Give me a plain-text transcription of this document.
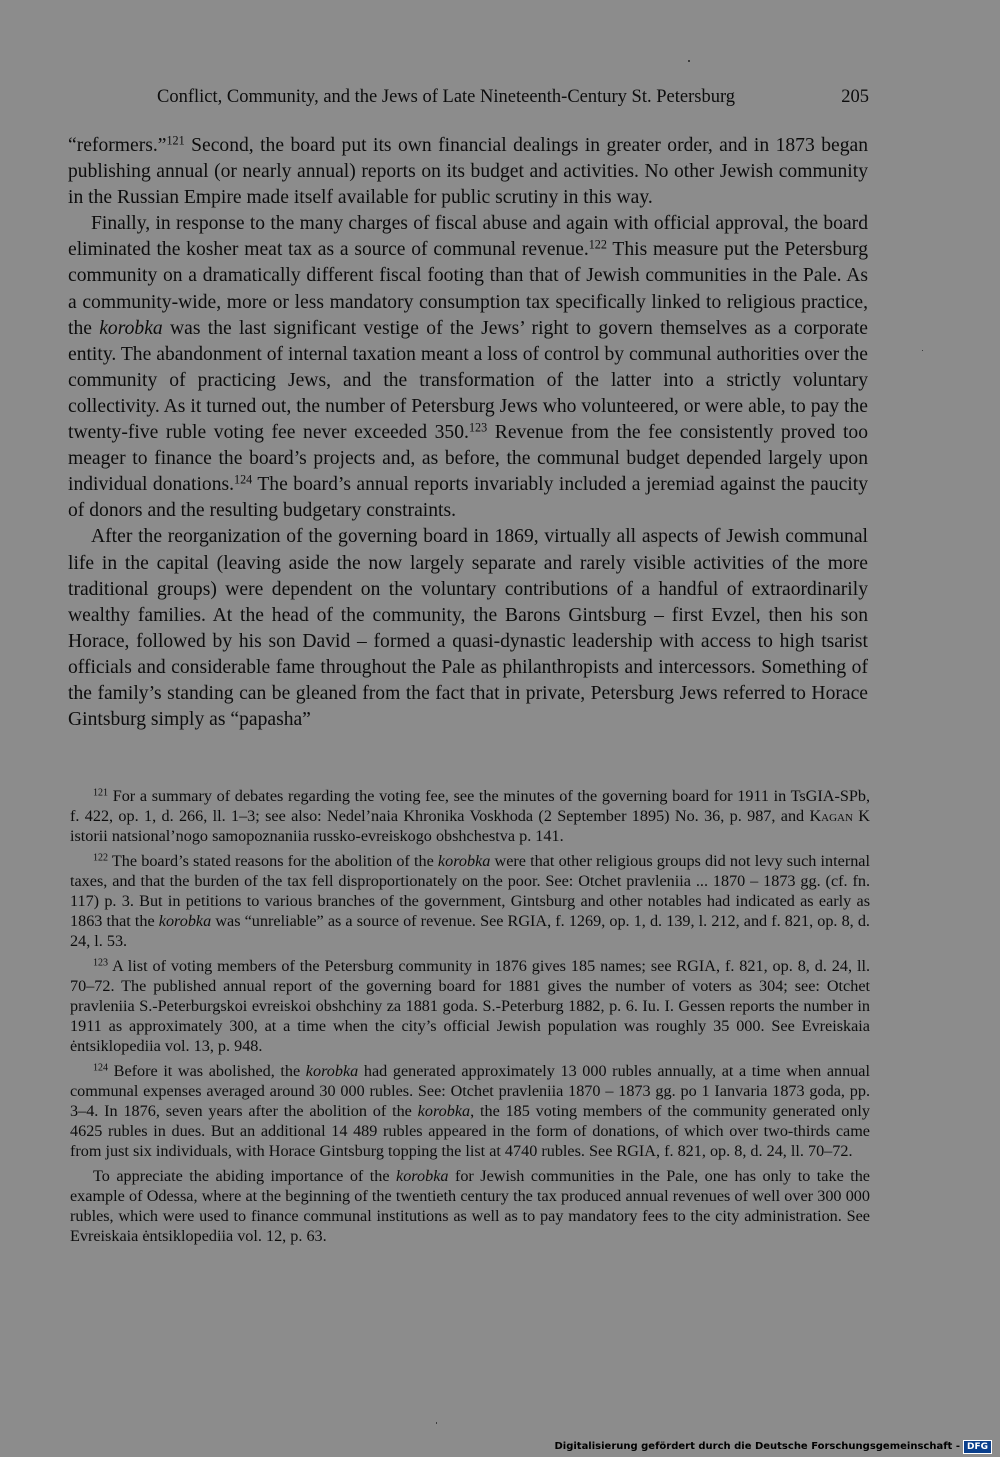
Conflict, Community, and the Jews of Late Nineteenth-Century St. Petersburg	205

“reformers.”$^{121}$ Second, the board put its own financial dealings in greater order, and in 1873 began publishing annual (or nearly annual) reports on its budget and activities. No other Jewish community in the Russian Empire made itself available for public scrutiny in this way.

Finally, in response to the many charges of fiscal abuse and again with official approval, the board eliminated the kosher meat tax as a source of communal revenue.$^{122}$ This measure put the Petersburg community on a dramatically different fiscal footing than that of Jewish communities in the Pale. As a community-wide, more or less mandatory consumption tax specifically linked to religious practice, the korobka was the last significant vestige of the Jews’ right to govern themselves as a corporate entity. The abandonment of internal taxation meant a loss of control by communal authorities over the community of practicing Jews, and the transformation of the latter into a strictly voluntary collectivity. As it turned out, the number of Petersburg Jews who volunteered, or were able, to pay the twenty-five ruble voting fee never exceeded 350.$^{123}$ Revenue from the fee consistently proved too meager to finance the board’s projects and, as before, the communal budget depended largely upon individual donations.$^{124}$ The board’s annual reports invariably included a jeremiad against the paucity of donors and the resulting budgetary constraints.

After the reorganization of the governing board in 1869, virtually all aspects of Jewish communal life in the capital (leaving aside the now largely separate and rarely visible activities of the more traditional groups) were dependent on the voluntary contributions of a handful of extraordinarily wealthy families. At the head of the community, the Barons Gintsburg – first Evzel, then his son Horace, followed by his son David – formed a quasi-dynastic leadership with access to high tsarist officials and considerable fame throughout the Pale as philanthropists and intercessors. Something of the family’s standing can be gleaned from the fact that in private, Petersburg Jews referred to Horace Gintsburg simply as “papasha”

$^{121}$ For a summary of debates regarding the voting fee, see the minutes of the governing board for 1911 in TsGIA-SPb, f. 422, op. 1, d. 266, ll. 1–3; see also: Nedel’naia Khronika Voskhoda (2 September 1895) No. 36, p. 987, and Kagan K istorii natsional’nogo samopoznaniia russko-evreiskogo obshchestva p. 141.

$^{122}$ The board’s stated reasons for the abolition of the korobka were that other religious groups did not levy such internal taxes, and that the burden of the tax fell disproportionately on the poor. See: Otchet pravleniia ... 1870 – 1873 gg. (cf. fn. 117) p. 3. But in petitions to various branches of the government, Gintsburg and other notables had indicated as early as 1863 that the korobka was “unreliable” as a source of revenue. See RGIA, f. 1269, op. 1, d. 139, l. 212, and f. 821, op. 8, d. 24, l. 53.

$^{123}$ A list of voting members of the Petersburg community in 1876 gives 185 names; see RGIA, f. 821, op. 8, d. 24, ll. 70–72. The published annual report of the governing board for 1881 gives the number of voters as 304; see: Otchet pravleniia S.-Peterburgskoi evreiskoi obshchiny za 1881 goda. S.-Peterburg 1882, p. 6. Iu. I. Gessen reports the number in 1911 as approximately 300, at a time when the city’s official Jewish population was roughly 35 000. See Evreiskaia ėntsiklopediia vol. 13, p. 948.

$^{124}$ Before it was abolished, the korobka had generated approximately 13 000 rubles annually, at a time when annual communal expenses averaged around 30 000 rubles. See: Otchet pravleniia 1870 – 1873 gg. po 1 Ianvaria 1873 goda, pp. 3–4. In 1876, seven years after the abolition of the korobka, the 185 voting members of the community generated only 4625 rubles in dues. But an additional 14 489 rubles appeared in the form of donations, of which over two-thirds came from just six individuals, with Horace Gintsburg topping the list at 4740 rubles. See RGIA, f. 821, op. 8, d. 24, ll. 70–72.

To appreciate the abiding importance of the korobka for Jewish communities in the Pale, one has only to take the example of Odessa, where at the beginning of the twentieth century the tax produced annual revenues of well over 300 000 rubles, which were used to finance communal institutions as well as to pay mandatory fees to the city administration. See Evreiskaia ėntsiklopediia vol. 12, p. 63.

Digitalisierung gefördert durch die Deutsche Forschungsgemeinschaft - DFG
